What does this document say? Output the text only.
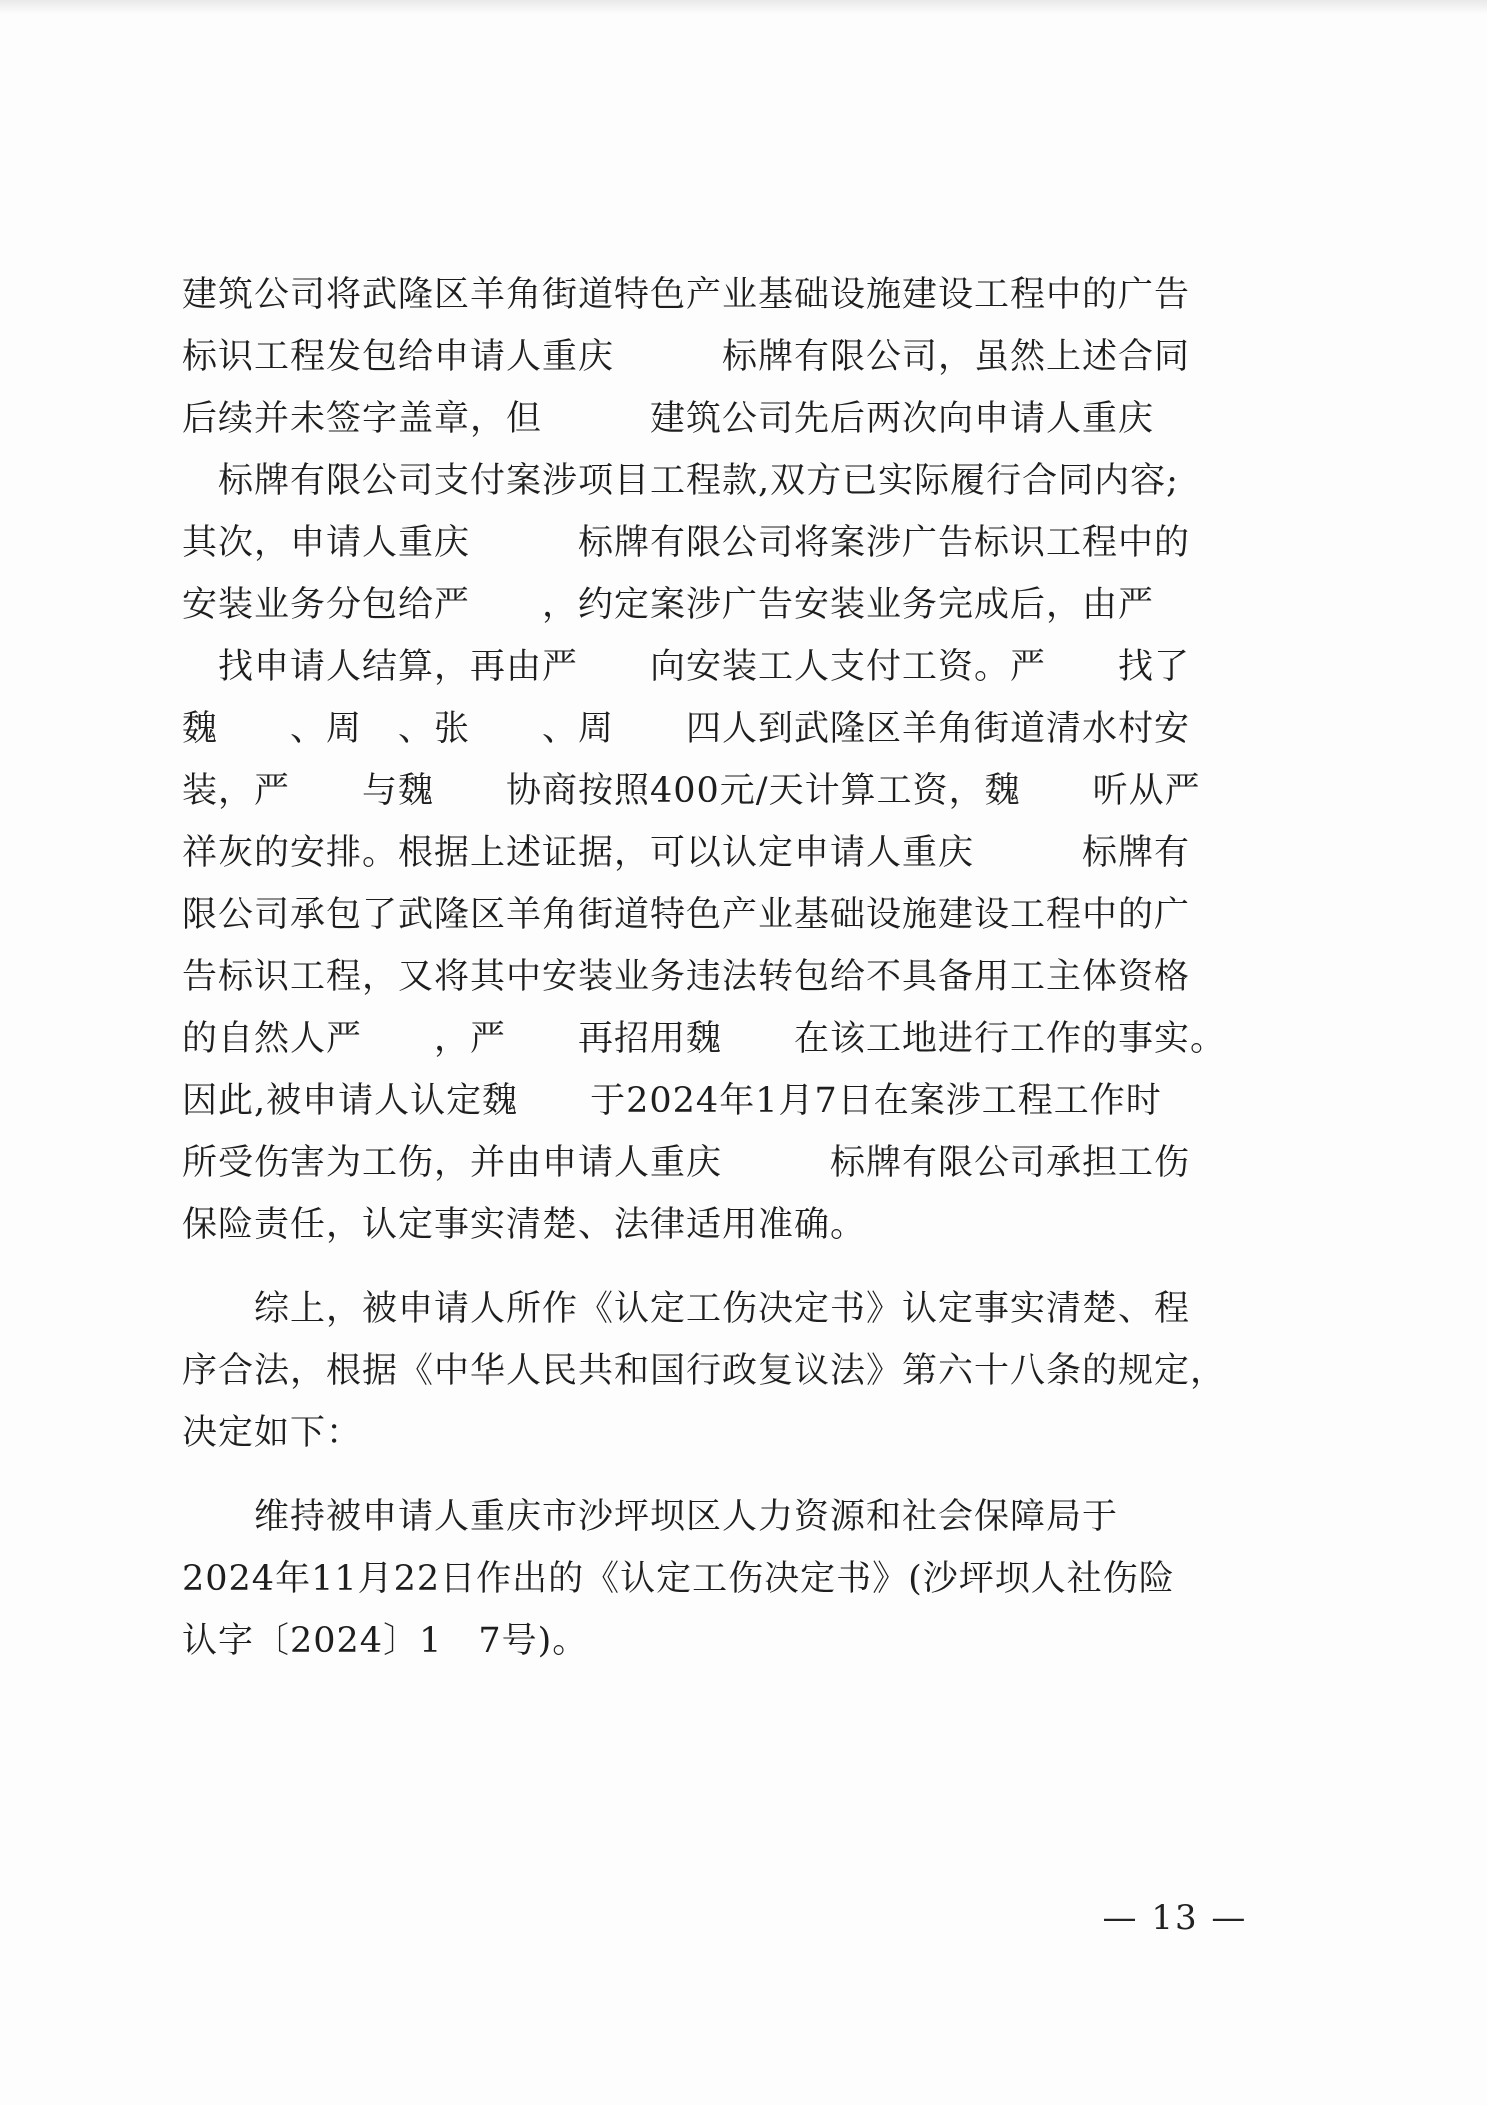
建筑公司将武隆区羊角街道特色产业基础设施建设工程中的广告
标识工程发包给申请人重庆　　　标牌有限公司，虽然上述合同
后续并未签字盖章，但　　　建筑公司先后两次向申请人重庆　　
　标牌有限公司支付案涉项目工程款,双方已实际履行合同内容;
其次，申请人重庆　　　标牌有限公司将案涉广告标识工程中的
安装业务分包给严　　，约定案涉广告安装业务完成后，由严　
　找申请人结算，再由严　　向安装工人支付工资。严　　找了
魏　　、周　、张　　、周　　四人到武隆区羊角街道清水村安
装，严　　与魏　　协商按照400元/天计算工资，魏　　听从严
祥灰的安排。根据上述证据，可以认定申请人重庆　　　标牌有
限公司承包了武隆区羊角街道特色产业基础设施建设工程中的广
告标识工程，又将其中安装业务违法转包给不具备用工主体资格
的自然人严　　，严　　再招用魏　　在该工地进行工作的事实。
因此,被申请人认定魏　　于2024年1月7日在案涉工程工作时
所受伤害为工伤，并由申请人重庆　　　标牌有限公司承担工伤
保险责任，认定事实清楚、法律适用准确。

综上，被申请人所作《认定工伤决定书》认定事实清楚、程
序合法，根据《中华人民共和国行政复议法》第六十八条的规定，
决定如下：

维持被申请人重庆市沙坪坝区人力资源和社会保障局于
2024年11月22日作出的《认定工伤决定书》(沙坪坝人社伤险
认字〔2024〕1　7号)。

— 13 —
